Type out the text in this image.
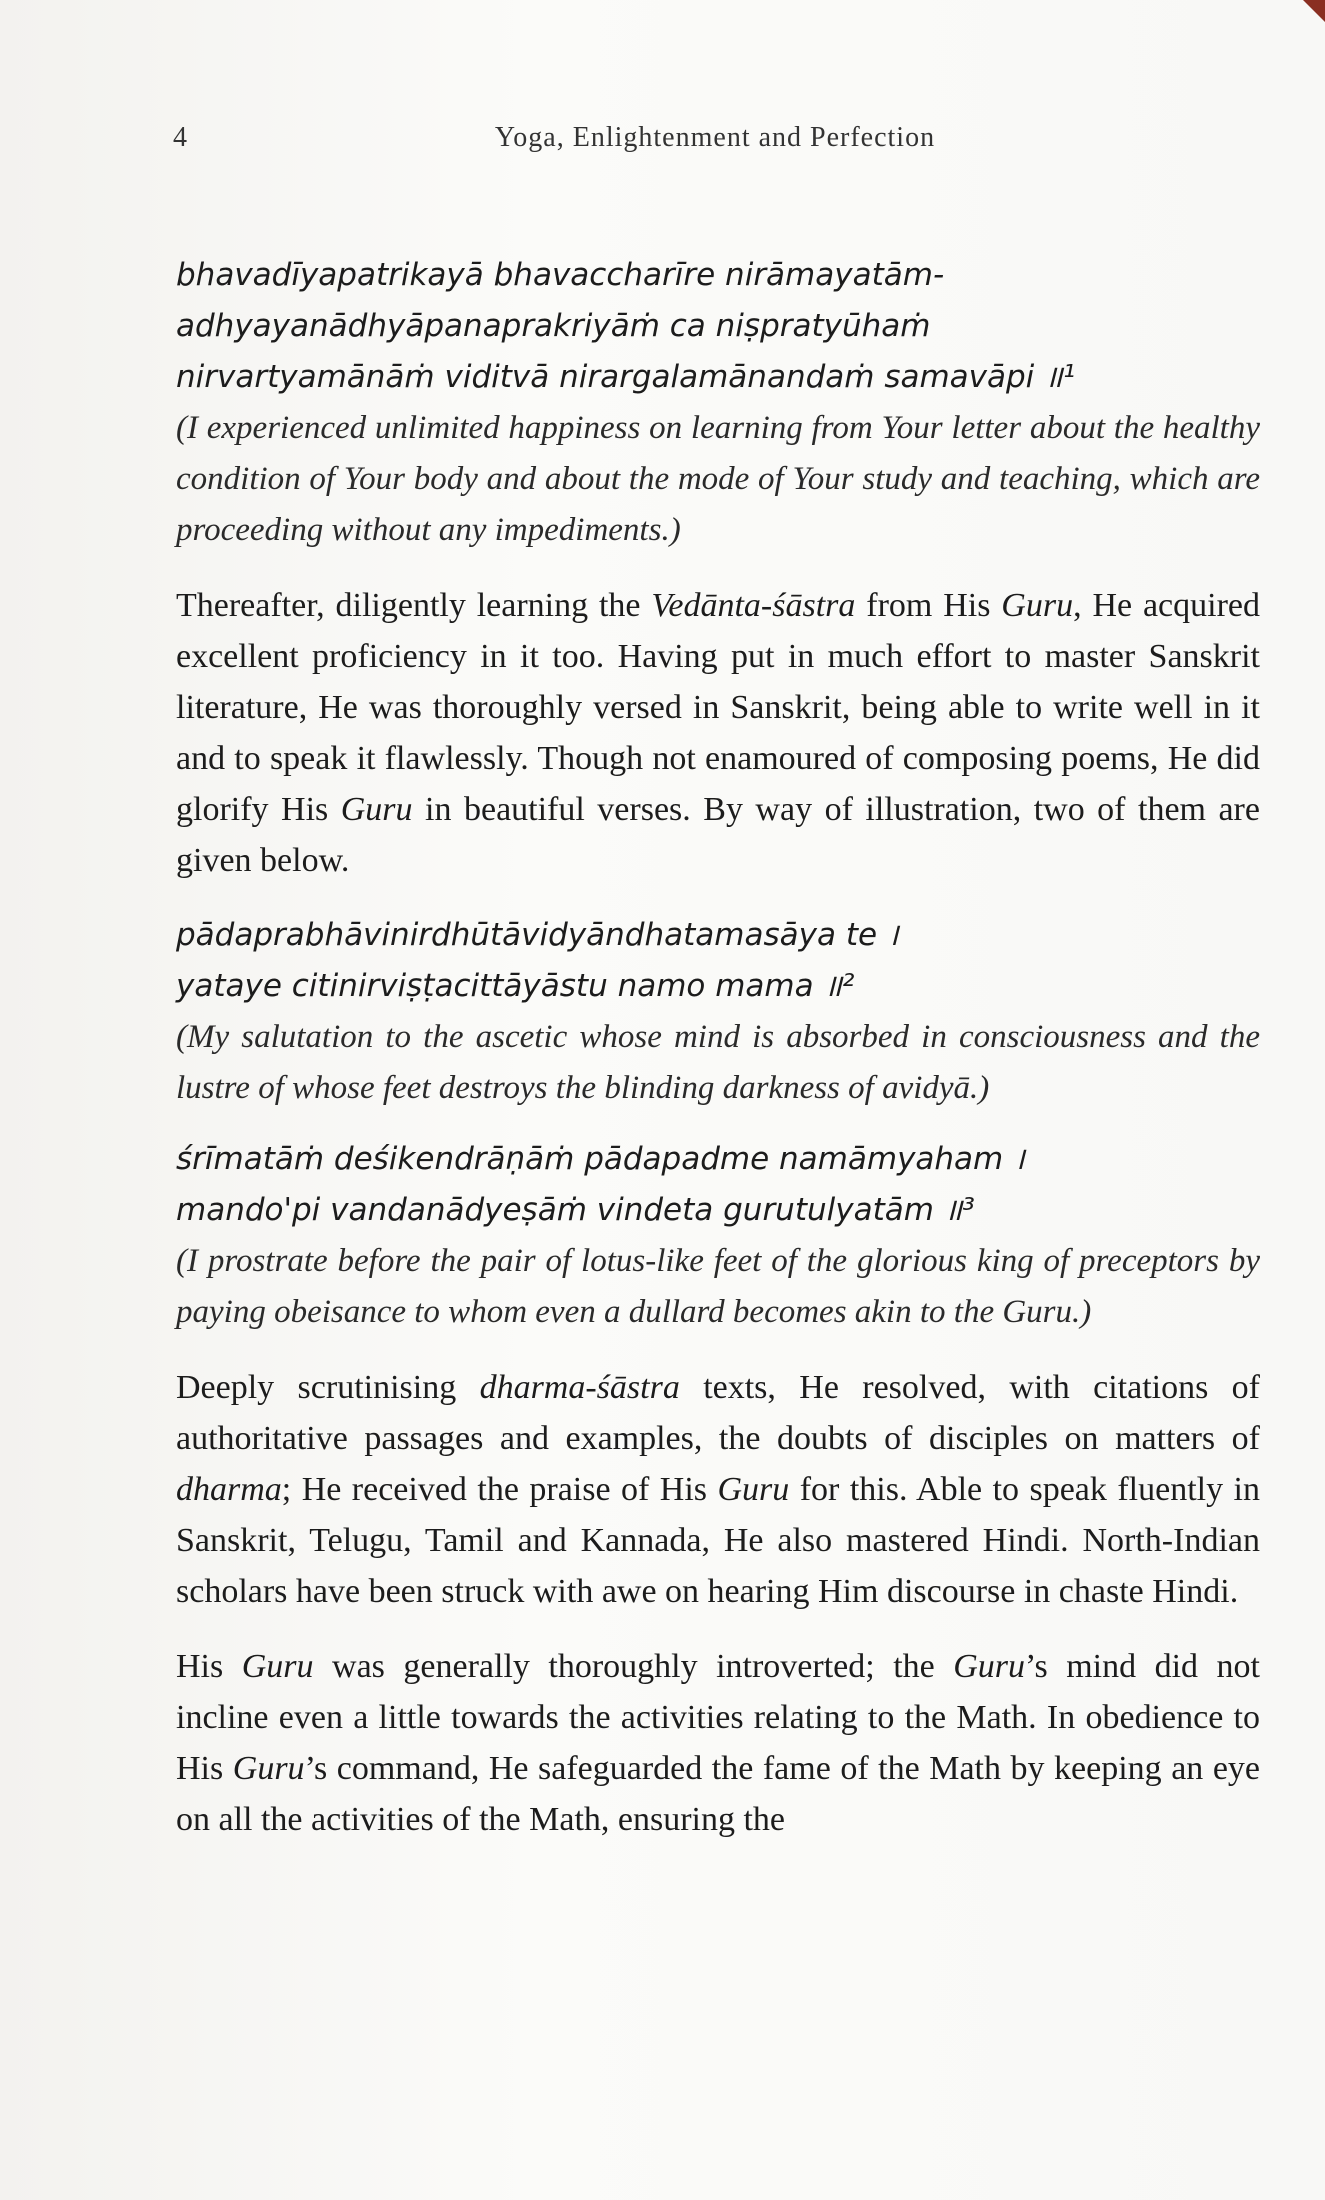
4	Yoga, Enlightenment and Perfection
bhavadīyapatrikayā bhavaccharīre nirāmayatām-
adhyayanādhyāpanaprakriyāṁ ca niṣpratyūhaṁ
nirvartyamānāṁ viditvā nirargalamānandaṁ samavāpi ॥¹
(I experienced unlimited happiness on learning from Your letter about the healthy condition of Your body and about the mode of Your study and teaching, which are proceeding without any impediments.)

Thereafter, diligently learning the Vedānta-śāstra from His Guru, He acquired excellent proficiency in it too. Having put in much effort to master Sanskrit literature, He was thoroughly versed in Sanskrit, being able to write well in it and to speak it flawlessly. Though not enamoured of composing poems, He did glorify His Guru in beautiful verses. By way of illustration, two of them are given below.

pādaprabhāvinirdhūtāvidyāndhatamasāya te ।
yataye citinirviṣṭacittāyāstu namo mama ॥²
(My salutation to the ascetic whose mind is absorbed in consciousness and the lustre of whose feet destroys the blinding darkness of avidyā.)
śrīmatāṁ deśikendrāṇāṁ pādapadme namāmyaham ।
mando'pi vandanādyeṣāṁ vindeta gurutulyatām ॥³
(I prostrate before the pair of lotus-like feet of the glorious king of preceptors by paying obeisance to whom even a dullard becomes akin to the Guru.)

Deeply scrutinising dharma-śāstra texts, He resolved, with citations of authoritative passages and examples, the doubts of disciples on matters of dharma; He received the praise of His Guru for this. Able to speak fluently in Sanskrit, Telugu, Tamil and Kannada, He also mastered Hindi. North-Indian scholars have been struck with awe on hearing Him discourse in chaste Hindi.

His Guru was generally thoroughly introverted; the Guru’s mind did not incline even a little towards the activities relating to the Math. In obedience to His Guru’s command, He safeguarded the fame of the Math by keeping an eye on all the activities of the Math, ensuring the
